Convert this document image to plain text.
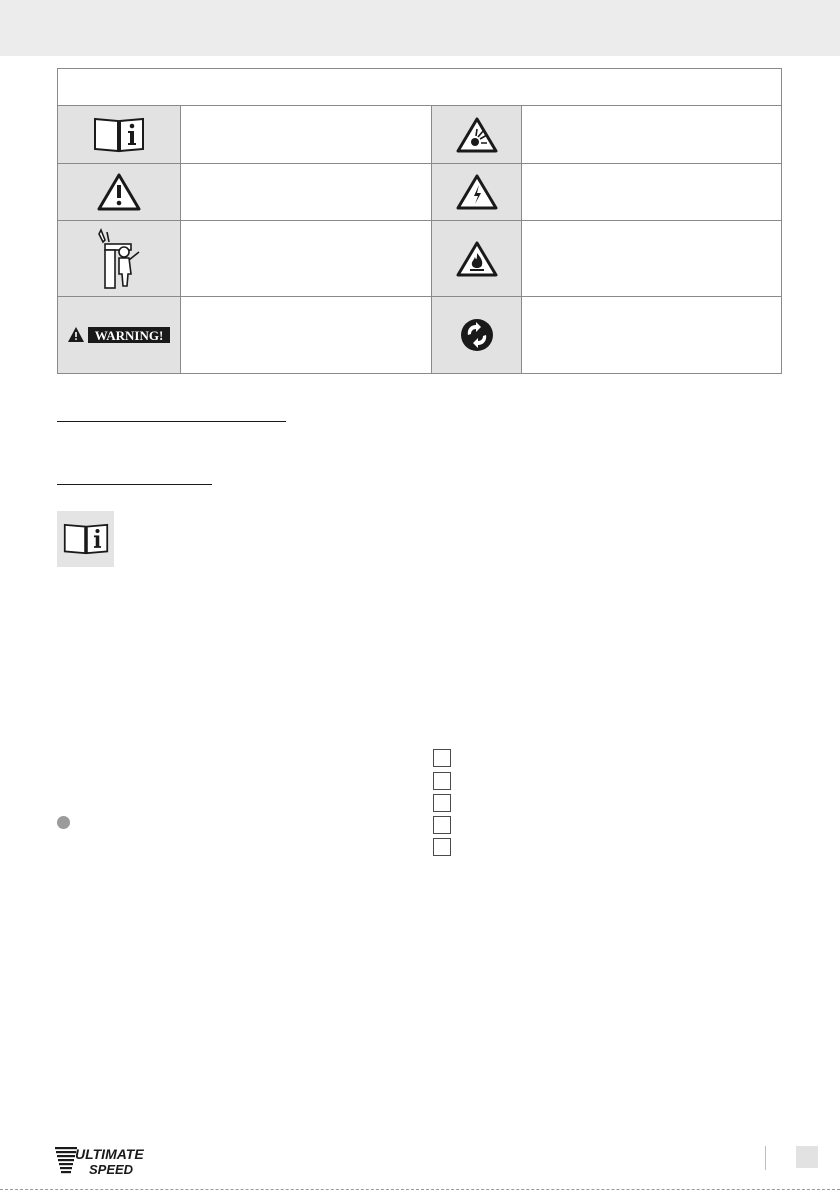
WARNING!
ULTIMATE
SPEED
